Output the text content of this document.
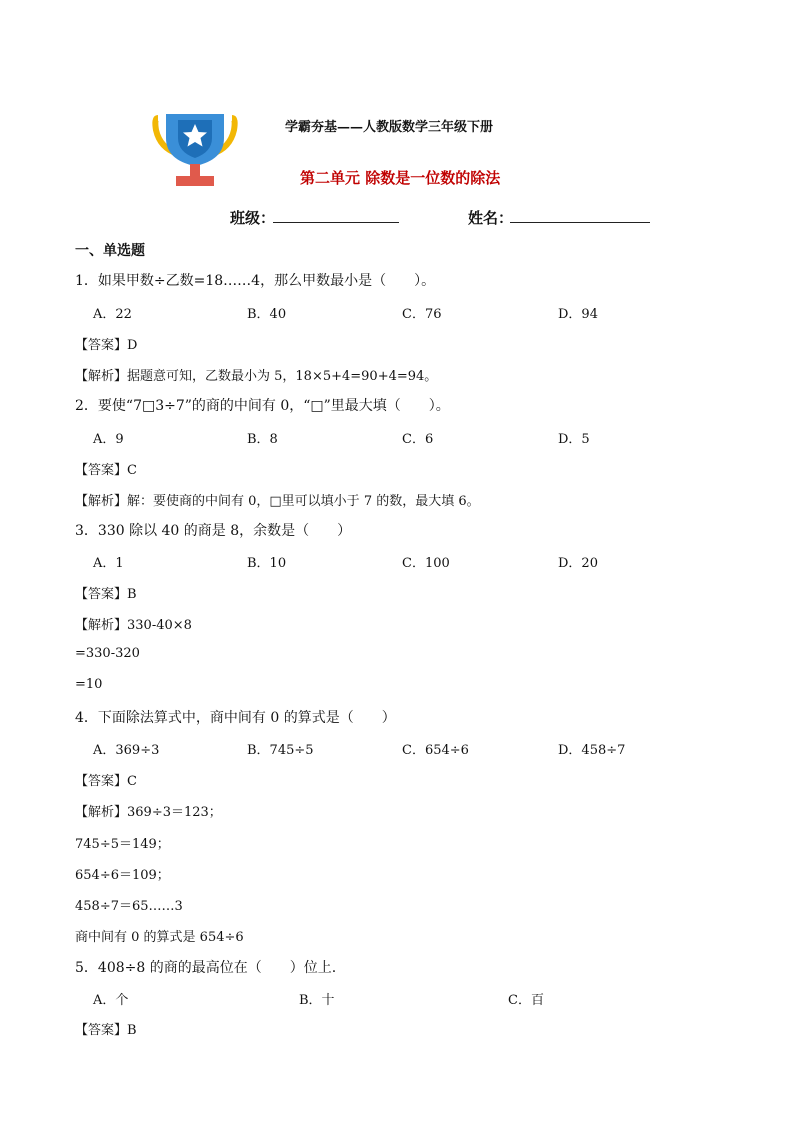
学霸夯基——人教版数学三年级下册
第二单元 除数是一位数的除法
班级：	姓名：
一、单选题
1．如果甲数÷乙数=18……4，那么甲数最小是（　　）。
A．22	B．40	C．76	D．94
【答案】D
【解析】据题意可知，乙数最小为 5，18×5+4=90+4=94。
2．要使“7□3÷7”的商的中间有 0，“□”里最大填（　　）。
A．9	B．8	C．6	D．5
【答案】C
【解析】解：要使商的中间有 0，□里可以填小于 7 的数，最大填 6。
3．330 除以 40 的商是 8，余数是（　　）
A．1	B．10	C．100	D．20
【答案】B
【解析】330-40×8
=330-320
=10
4．下面除法算式中，商中间有 0 的算式是（　　）
A．369÷3	B．745÷5	C．654÷6	D．458÷7
【答案】C
【解析】369÷3＝123；
745÷5＝149；
654÷6＝109；
458÷7＝65……3
商中间有 0 的算式是 654÷6
5．408÷8 的商的最高位在（　　）位上.
A．个	B．十	C．百
【答案】B
